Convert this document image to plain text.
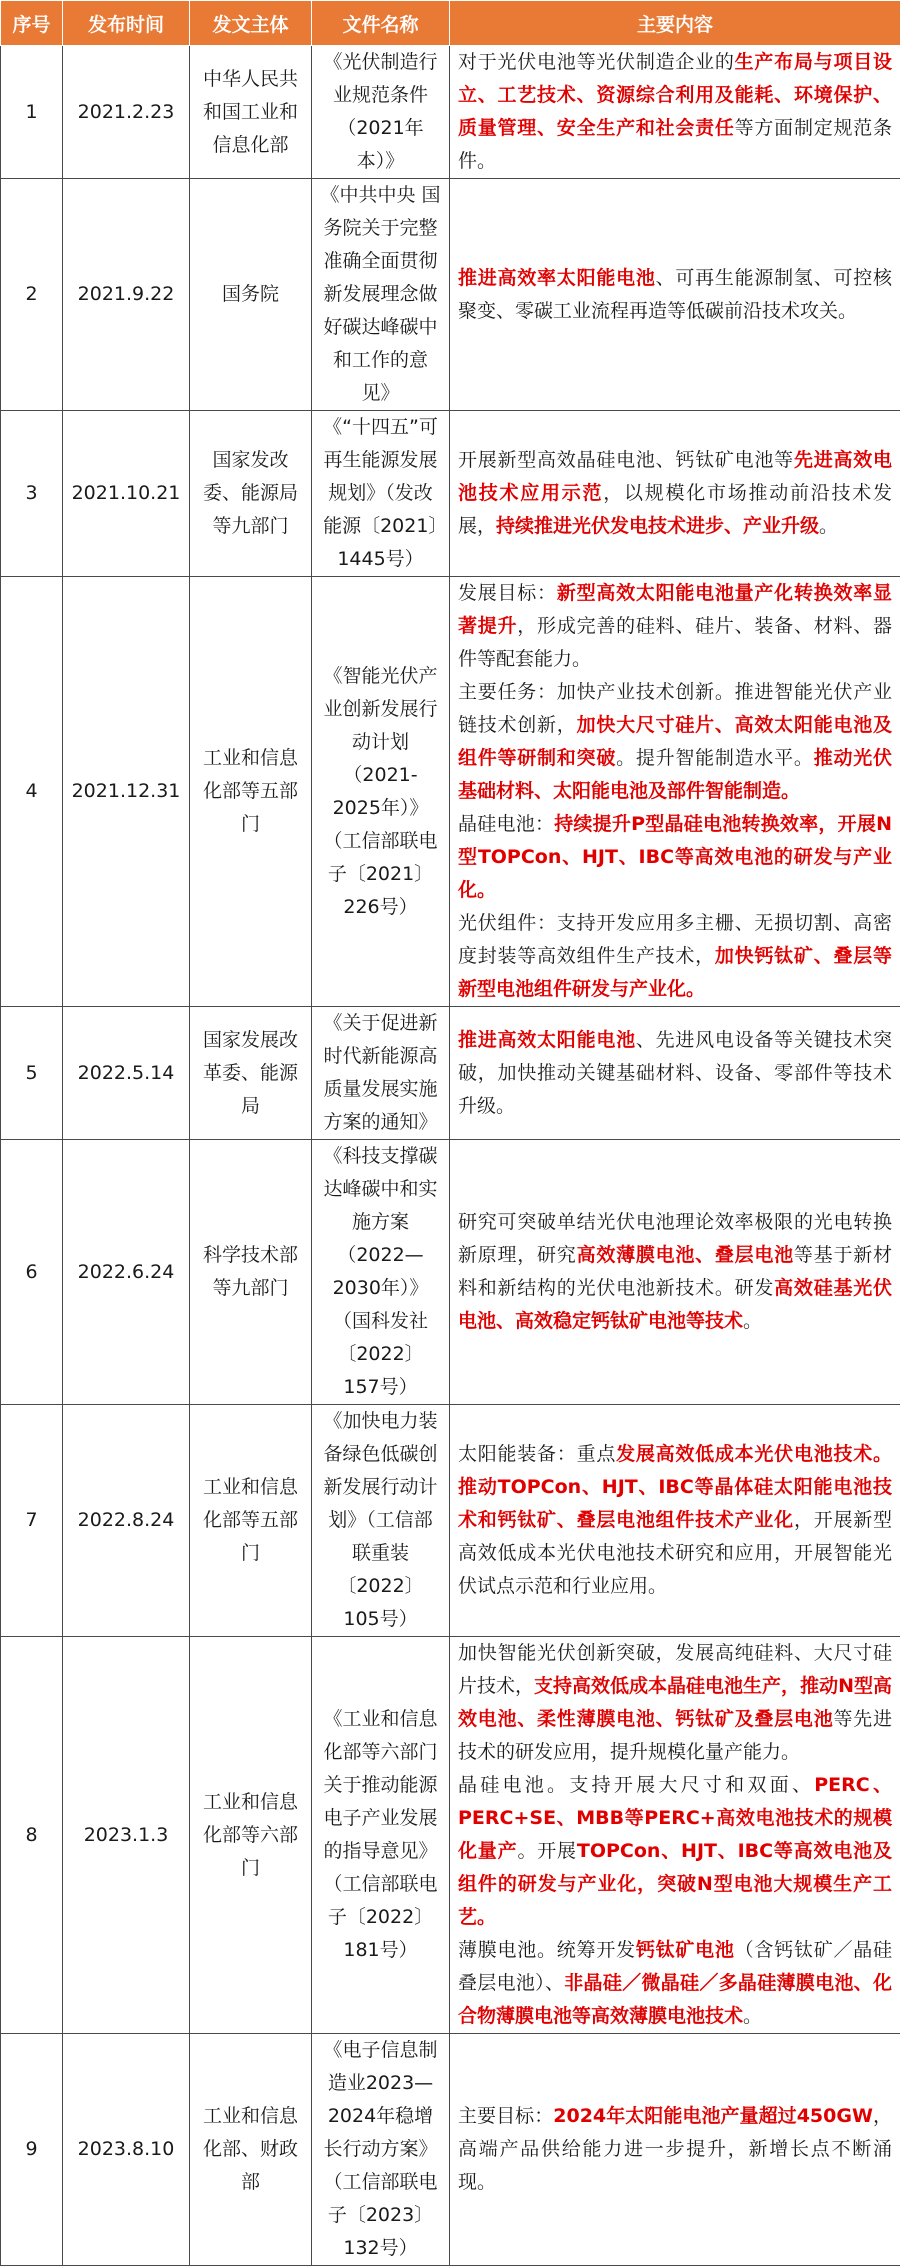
序号	发布时间	发文主体	文件名称	主要内容
1	2021.2.23	中华人民共和国工业和信息化部	《光伏制造行业规范条件（2021年本）》	对于光伏电池等光伏制造企业的生产布局与项目设立、工艺技术、资源综合利用及能耗、环境保护、质量管理、安全生产和社会责任等方面制定规范条件。

2	2021.9.22	国务院	《中共中央 国务院关于完整准确全面贯彻新发展理念做好碳达峰碳中和工作的意见》	推进高效率太阳能电池、可再生能源制氢、可控核聚变、零碳工业流程再造等低碳前沿技术攻关。

3	2021.10.21	国家发改委、能源局等九部门	《“十四五”可再生能源发展规划》（发改能源〔2021〕1445号）	开展新型高效晶硅电池、钙钛矿电池等先进高效电池技术应用示范，以规模化市场推动前沿技术发展，持续推进光伏发电技术进步、产业升级。

4	2021.12.31	工业和信息化部等五部门	《智能光伏产业创新发展行动计划（2021-2025年）》（工信部联电子〔2021〕226号）	发展目标：新型高效太阳能电池量产化转换效率显著提升，形成完善的硅料、硅片、装备、材料、器件等配套能力。
主要任务：加快产业技术创新。推进智能光伏产业链技术创新，加快大尺寸硅片、高效太阳能电池及组件等研制和突破。提升智能制造水平。推动光伏基础材料、太阳能电池及部件智能制造。
晶硅电池：持续提升P型晶硅电池转换效率，开展N型TOPCon、HJT、IBC等高效电池的研发与产业化。
光伏组件：支持开发应用多主栅、无损切割、高密度封装等高效组件生产技术，加快钙钛矿、叠层等新型电池组件研发与产业化。

5	2022.5.14	国家发展改革委、能源局	《关于促进新时代新能源高质量发展实施方案的通知》	推进高效太阳能电池、先进风电设备等关键技术突破，加快推动关键基础材料、设备、零部件等技术升级。

6	2022.6.24	科学技术部等九部门	《科技支撑碳达峰碳中和实施方案（2022—2030年）》（国科发社〔2022〕157号）	研究可突破单结光伏电池理论效率极限的光电转换新原理，研究高效薄膜电池、叠层电池等基于新材料和新结构的光伏电池新技术。研发高效硅基光伏电池、高效稳定钙钛矿电池等技术。

7	2022.8.24	工业和信息化部等五部门	《加快电力装备绿色低碳创新发展行动计划》（工信部联重装〔2022〕105号）	太阳能装备：重点发展高效低成本光伏电池技术。推动TOPCon、HJT、IBC等晶体硅太阳能电池技术和钙钛矿、叠层电池组件技术产业化，开展新型高效低成本光伏电池技术研究和应用，开展智能光伏试点示范和行业应用。

8	2023.1.3	工业和信息化部等六部门	《工业和信息化部等六部门关于推动能源电子产业发展的指导意见》（工信部联电子〔2022〕181号）	加快智能光伏创新突破，发展高纯硅料、大尺寸硅片技术，支持高效低成本晶硅电池生产，推动N型高效电池、柔性薄膜电池、钙钛矿及叠层电池等先进技术的研发应用，提升规模化量产能力。
晶硅电池。支持开展大尺寸和双面、PERC、PERC+SE、MBB等PERC+高效电池技术的规模化量产。开展TOPCon、HJT、IBC等高效电池及组件的研发与产业化，突破N型电池大规模生产工艺。
薄膜电池。统筹开发钙钛矿电池（含钙钛矿／晶硅叠层电池）、非晶硅／微晶硅／多晶硅薄膜电池、化合物薄膜电池等高效薄膜电池技术。

9	2023.8.10	工业和信息化部、财政部	《电子信息制造业2023—2024年稳增长行动方案》（工信部联电子〔2023〕132号）	主要目标：2024年太阳能电池产量超过450GW，高端产品供给能力进一步提升，新增长点不断涌现。
